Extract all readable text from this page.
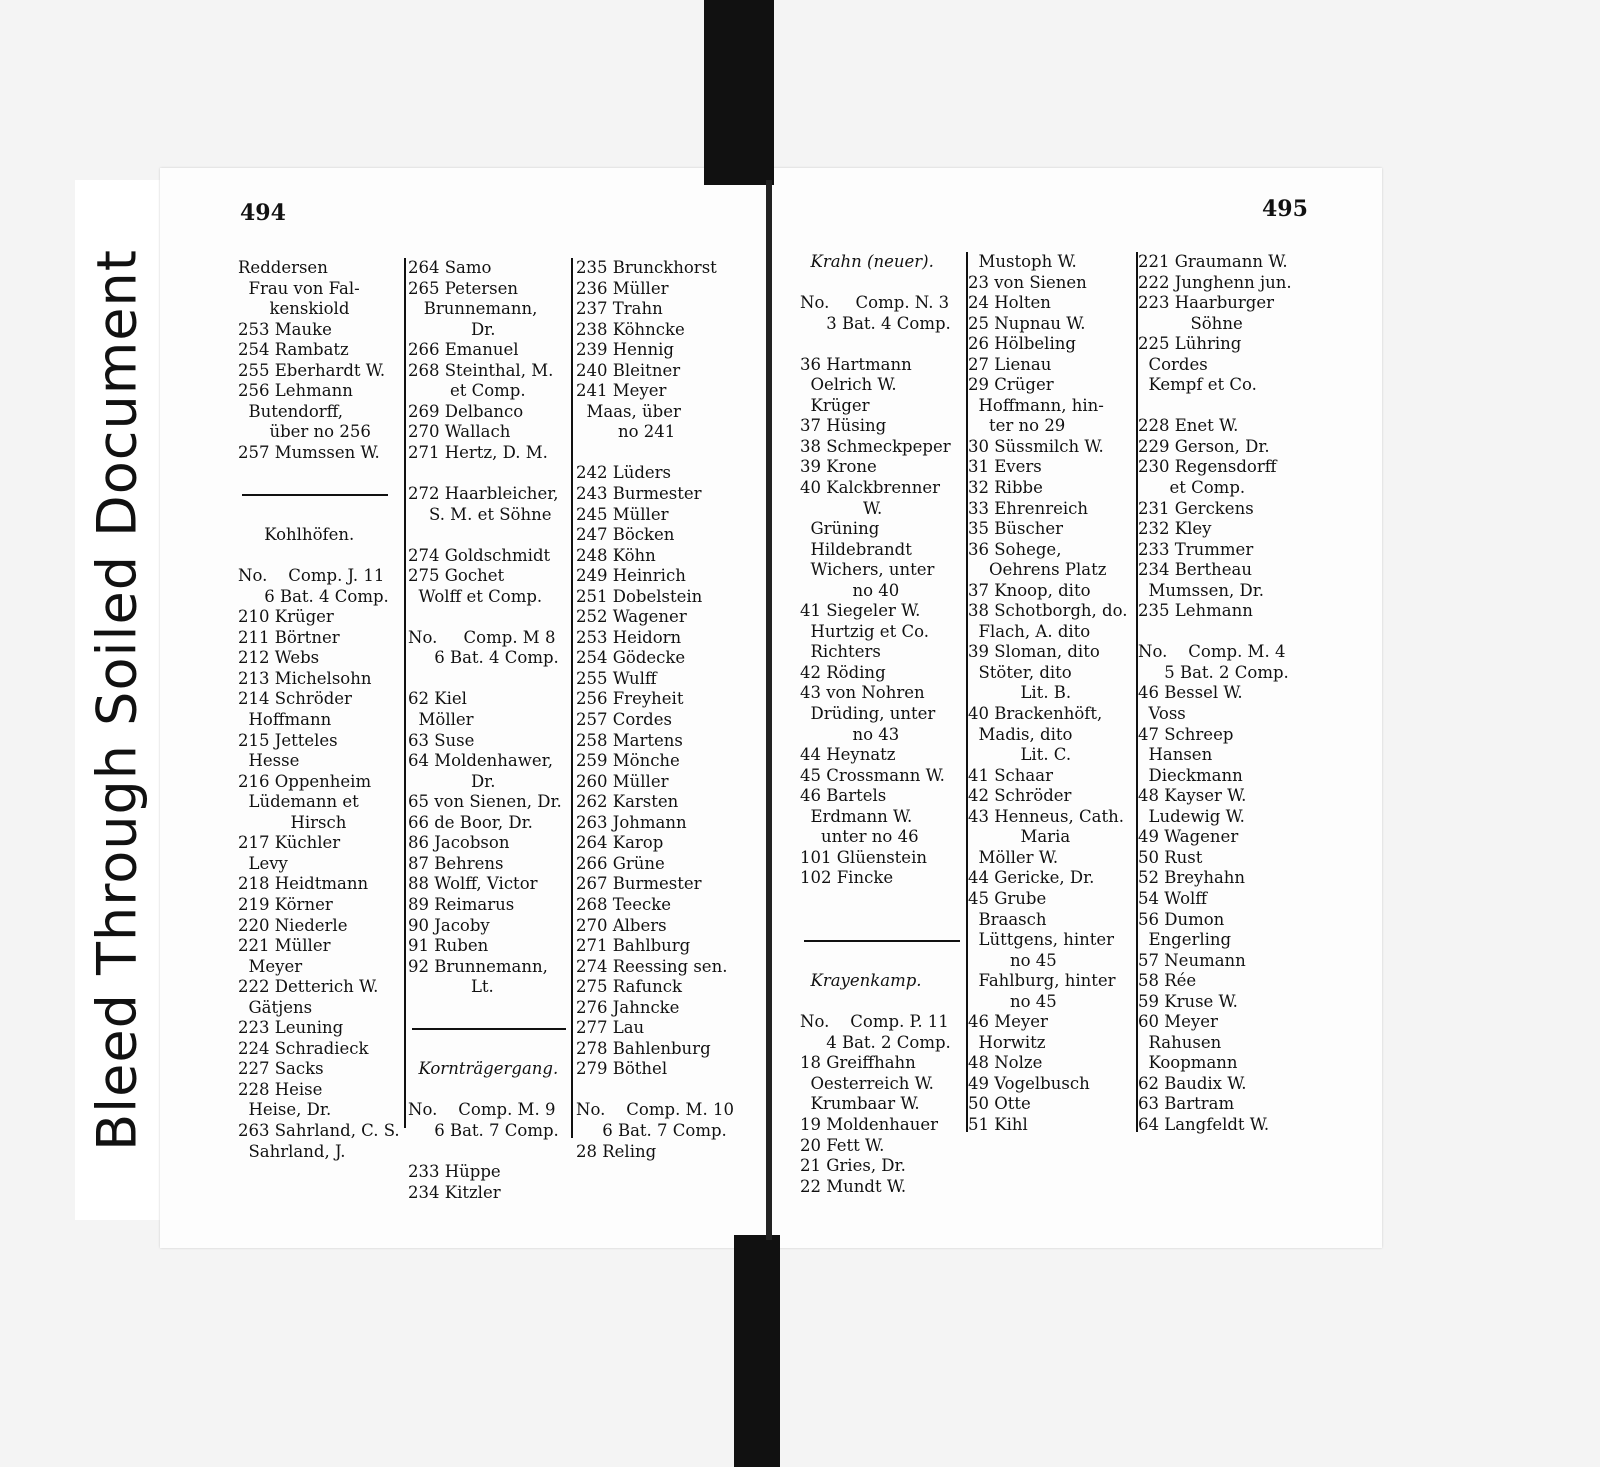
Bleed Through Soiled Document
494	495
Reddersen
Frau von Fal-
kenskiold
253 Mauke
254 Rambatz
255 Eberhardt W.
256 Lehmann
Butendorff,
über no 256
257 Mumssen W.
Kohlhöfen.
No.    Comp. J. 11
6 Bat. 4 Comp.
210 Krüger
211 Börtner
212 Webs
213 Michelsohn
214 Schröder
Hoffmann
215 Jetteles
Hesse
216 Oppenheim
Lüdemann et
Hirsch
217 Küchler
Levy
218 Heidtmann
219 Körner
220 Niederle
221 Müller
Meyer
222 Detterich W.
Gätjens
223 Leuning
224 Schradieck
227 Sacks
228 Heise
Heise, Dr.
263 Sahrland, C. S.
Sahrland, J.
264 Samo
265 Petersen
Brunnemann,
Dr.
266 Emanuel
268 Steinthal, M.
et Comp.
269 Delbanco
270 Wallach
271 Hertz, D. M.
272 Haarbleicher,
S. M. et Söhne
274 Goldschmidt
275 Gochet
Wolff et Comp.
No.     Comp. M 8
6 Bat. 4 Comp.
62 Kiel
Möller
63 Suse
64 Moldenhawer,
Dr.
65 von Sienen, Dr.
66 de Boor, Dr.
86 Jacobson
87 Behrens
88 Wolff, Victor
89 Reimarus
90 Jacoby
91 Ruben
92 Brunnemann,
Lt.
Kornträgergang.
No.    Comp. M. 9
6 Bat. 7 Comp.
233 Hüppe
234 Kitzler
235 Brunckhorst
236 Müller
237 Trahn
238 Köhncke
239 Hennig
240 Bleitner
241 Meyer
Maas, über
no 241
242 Lüders
243 Burmester
245 Müller
247 Böcken
248 Köhn
249 Heinrich
251 Dobelstein
252 Wagener
253 Heidorn
254 Gödecke
255 Wulff
256 Freyheit
257 Cordes
258 Martens
259 Mönche
260 Müller
262 Karsten
263 Johmann
264 Karop
266 Grüne
267 Burmester
268 Teecke
270 Albers
271 Bahlburg
274 Reessing sen.
275 Rafunck
276 Jahncke
277 Lau
278 Bahlenburg
279 Böthel
No.    Comp. M. 10
6 Bat. 7 Comp.
28 Reling
Krahn (neuer).
No.     Comp. N. 3
3 Bat. 4 Comp.
36 Hartmann
Oelrich W.
Krüger
37 Hüsing
38 Schmeckpeper
39 Krone
40 Kalckbrenner
W.
Grüning
Hildebrandt
Wichers, unter
no 40
41 Siegeler W.
Hurtzig et Co.
Richters
42 Röding
43 von Nohren
Drüding, unter
no 43
44 Heynatz
45 Crossmann W.
46 Bartels
Erdmann W.
unter no 46
101 Glüenstein
102 Fincke
Krayenkamp.
No.    Comp. P. 11
4 Bat. 2 Comp.
18 Greiffhahn
Oesterreich W.
Krumbaar W.
19 Moldenhauer
20 Fett W.
21 Gries, Dr.
22 Mundt W.
Mustoph W.
23 von Sienen
24 Holten
25 Nupnau W.
26 Hölbeling
27 Lienau
29 Crüger
Hoffmann, hin-
ter no 29
30 Süssmilch W.
31 Evers
32 Ribbe
33 Ehrenreich
35 Büscher
36 Sohege,
Oehrens Platz
37 Knoop, dito
38 Schotborgh, do.
Flach, A. dito
39 Sloman, dito
Stöter, dito
Lit. B.
40 Brackenhöft,
Madis, dito
Lit. C.
41 Schaar
42 Schröder
43 Henneus, Cath.
Maria
Möller W.
44 Gericke, Dr.
45 Grube
Braasch
Lüttgens, hinter
no 45
Fahlburg, hinter
no 45
46 Meyer
Horwitz
48 Nolze
49 Vogelbusch
50 Otte
51 Kihl
221 Graumann W.
222 Junghenn jun.
223 Haarburger
Söhne
225 Lühring
Cordes
Kempf et Co.
228 Enet W.
229 Gerson, Dr.
230 Regensdorff
et Comp.
231 Gerckens
232 Kley
233 Trummer
234 Bertheau
Mumssen, Dr.
235 Lehmann
No.    Comp. M. 4
5 Bat. 2 Comp.
46 Bessel W.
Voss
47 Schreep
Hansen
Dieckmann
48 Kayser W.
Ludewig W.
49 Wagener
50 Rust
52 Breyhahn
54 Wolff
56 Dumon
Engerling
57 Neumann
58 Rée
59 Kruse W.
60 Meyer
Rahusen
Koopmann
62 Baudix W.
63 Bartram
64 Langfeldt W.
